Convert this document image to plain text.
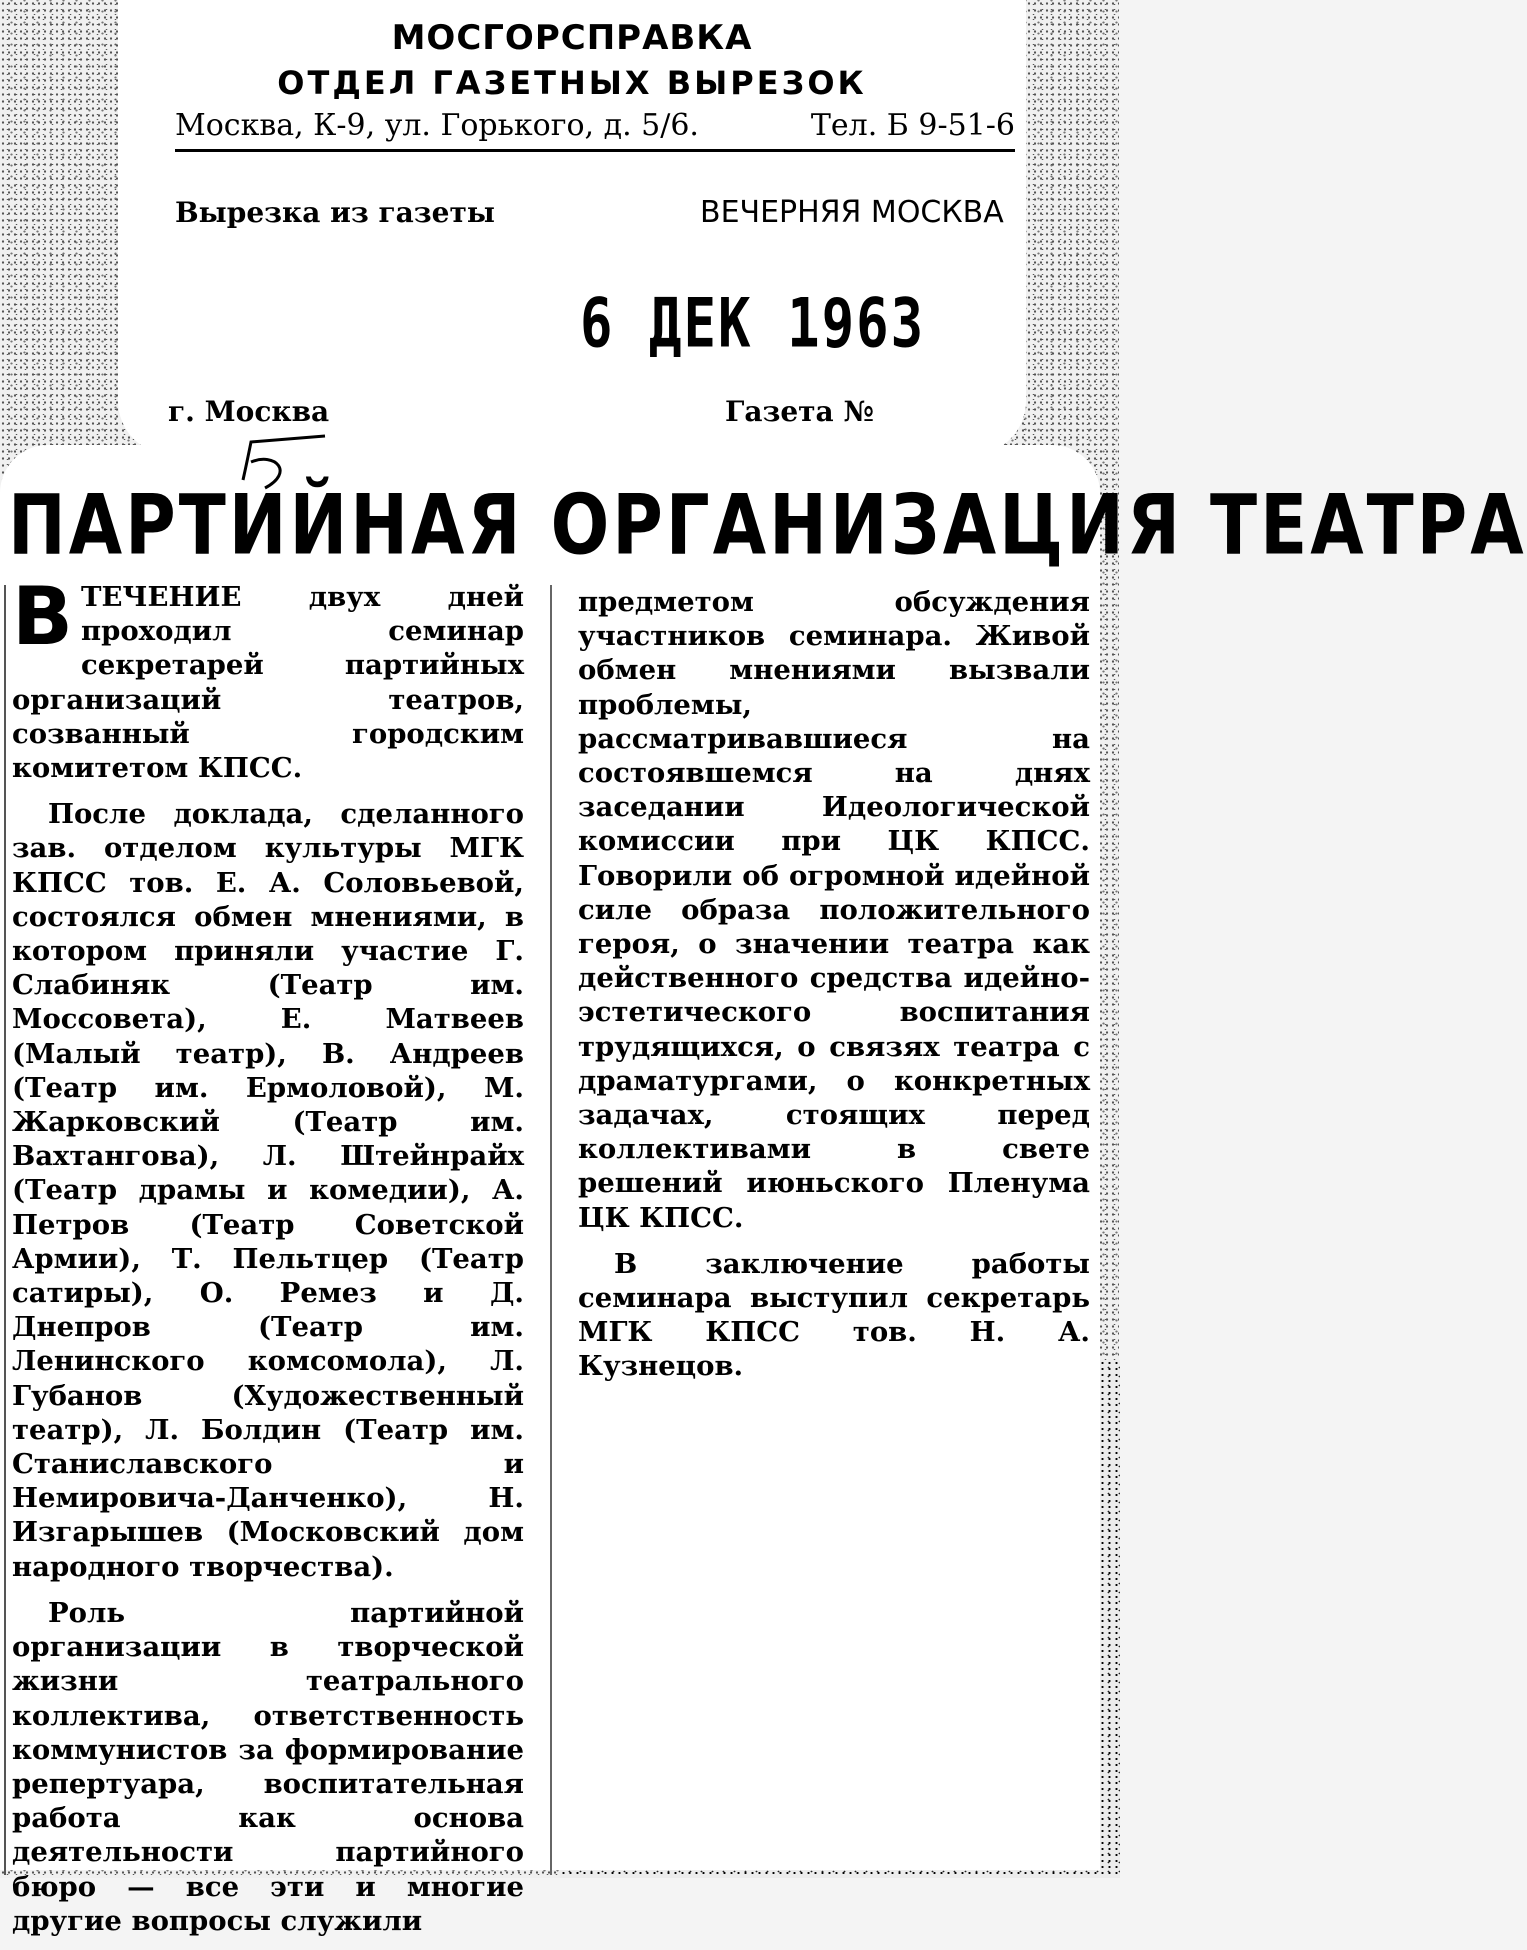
МОСГОРСПРАВКА
ОТДЕЛ ГАЗЕТНЫХ ВЫРЕЗОК
Москва, К-9, ул. Горького, д. 5/6.	Тел. Б 9-51-6
Вырезка из газеты	ВЕЧЕРНЯЯ МОСКВА
6 ДЕК 1963
г. Москва	Газета №
ПАРТИЙНАЯ ОРГАНИЗАЦИЯ ТЕАТРА

В ТЕЧЕНИЕ двух дней проходил семинар секретарей партийных организаций театров, созванный городским комитетом КПСС.

После доклада, сделанного зав. отделом культуры МГК КПСС тов. Е. А. Соловьевой, состоялся обмен мнениями, в котором приняли участие Г. Слабиняк (Театр им. Моссовета), Е. Матвеев (Малый театр), В. Андреев (Театр им. Ермоловой), М. Жарковский (Театр им. Вахтангова), Л. Штейнрайх (Театр драмы и комедии), А. Петров (Театр Советской Армии), Т. Пельтцер (Театр сатиры), О. Ремез и Д. Днепров (Театр им. Ленинского комсомола), Л. Губанов (Художественный театр), Л. Болдин (Театр им. Станиславского и Немировича-Данченко), Н. Изгарышев (Московский дом народного творчества).

Роль партийной организации в творческой жизни театрального коллектива, ответственность коммунистов за формирование репертуара, воспитательная работа как основа деятельности партийного бюро — все эти и многие другие вопросы служили

предметом обсуждения участников семинара. Живой обмен мнениями вызвали проблемы, рассматривавшиеся на состоявшемся на днях заседании Идеологической комиссии при ЦК КПСС. Говорили об огромной идейной силе образа положительного героя, о значении театра как действенного средства идейно-эстетического воспитания трудящихся, о связях театра с драматургами, о конкретных задачах, стоящих перед коллективами в свете решений июньского Пленума ЦК КПСС.

В заключение работы семинара выступил секретарь МГК КПСС тов. Н. А. Кузнецов.
